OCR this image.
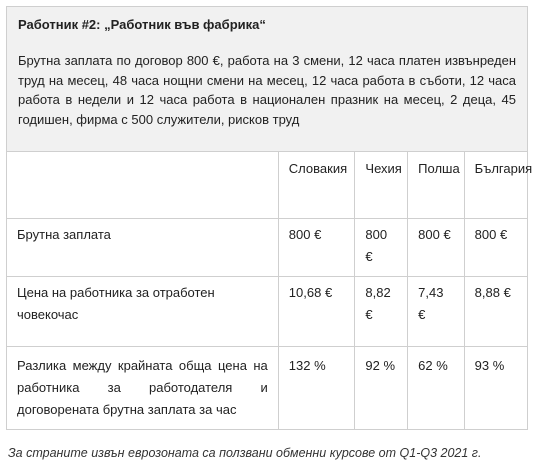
Работник #2: „Работник във фабрика“

Брутна заплата по договор 800 €, работа на 3 смени, 12 часа платен извънреден труд на месец, 48 часа нощни смени на месец, 12 часа работа в съботи, 12 часа работа в недели и 12 часа работа в национален празник на месец, 2 деца, 45 годишен, фирма с 500 служители, рисков труд

	Словакия	Чехия	Полша	България
Брутна заплата	800 €	800 €	800 €	800 €
Цена на работника за отработен човекочас	10,68 €	8,82 €	7,43 €	8,88 €
Разлика между крайната обща цена на работника за работодателя и договорената брутна заплата за час	132 %	92 %	62 %	93 %
За страните извън еврозоната са ползвани обменни курсове от Q1-Q3 2021 г.
